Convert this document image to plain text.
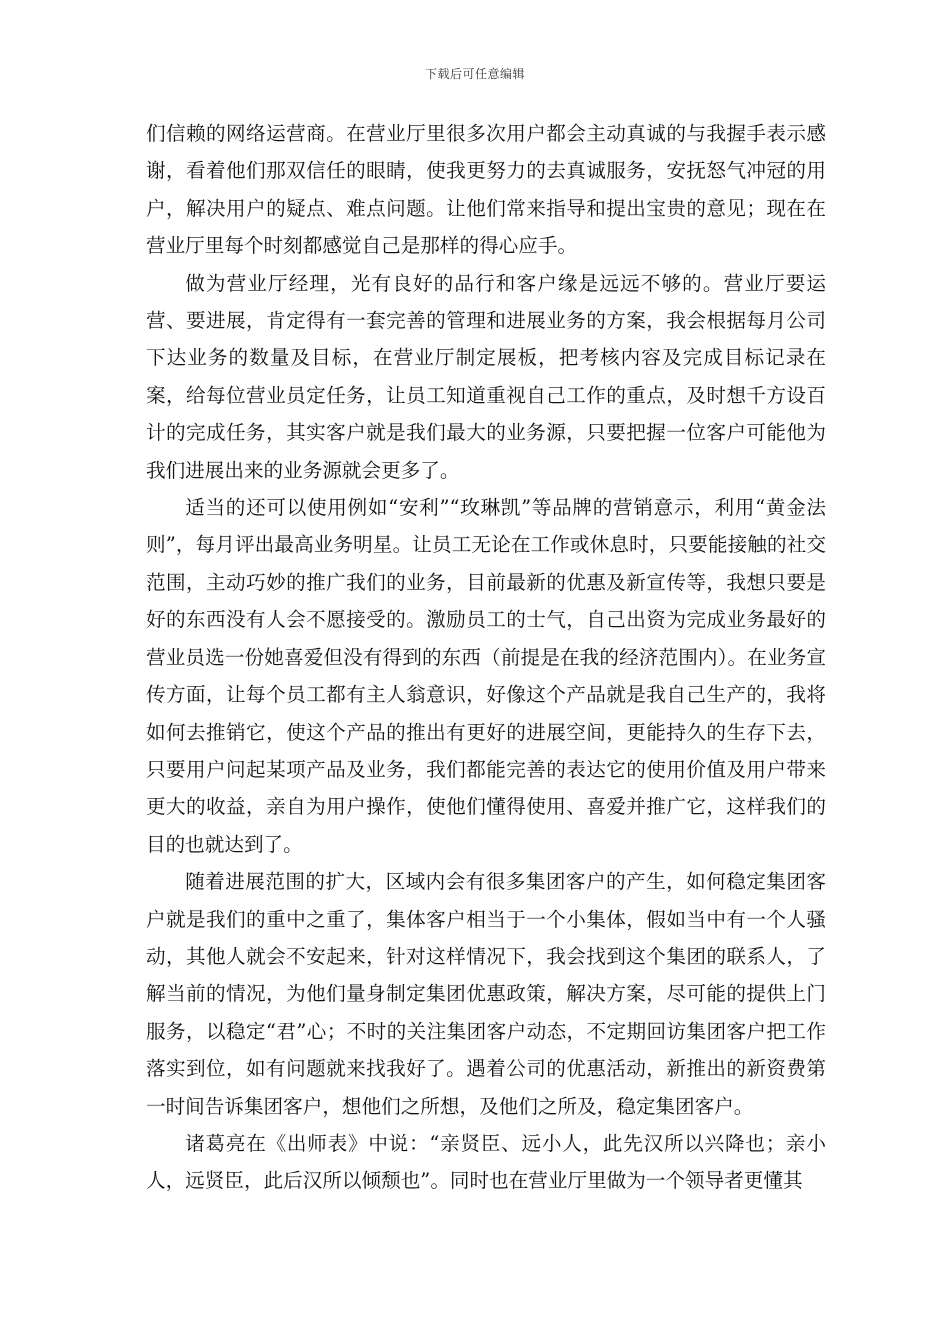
下载后可任意编辑

们信赖的网络运营商。在营业厅里很多次用户都会主动真诚的与我握手表示感谢，看着他们那双信任的眼睛，使我更努力的去真诚服务，安抚怒气冲冠的用户，解决用户的疑点、难点问题。让他们常来指导和提出宝贵的意见；现在在营业厅里每个时刻都感觉自己是那样的得心应手。

做为营业厅经理，光有良好的品行和客户缘是远远不够的。营业厅要运营、要进展，肯定得有一套完善的管理和进展业务的方案，我会根据每月公司下达业务的数量及目标，在营业厅制定展板，把考核内容及完成目标记录在案，给每位营业员定任务，让员工知道重视自己工作的重点，及时想千方设百计的完成任务，其实客户就是我们最大的业务源，只要把握一位客户可能他为我们进展出来的业务源就会更多了。

适当的还可以使用例如“安利”“玫琳凯”等品牌的营销意示，利用“黄金法则”，每月评出最高业务明星。让员工无论在工作或休息时，只要能接触的社交范围，主动巧妙的推广我们的业务，目前最新的优惠及新宣传等，我想只要是好的东西没有人会不愿接受的。激励员工的士气，自己出资为完成业务最好的营业员选一份她喜爱但没有得到的东西（前提是在我的经济范围内）。在业务宣传方面，让每个员工都有主人翁意识，好像这个产品就是我自己生产的，我将如何去推销它，使这个产品的推出有更好的进展空间，更能持久的生存下去，只要用户问起某项产品及业务，我们都能完善的表达它的使用价值及用户带来更大的收益，亲自为用户操作，使他们懂得使用、喜爱并推广它，这样我们的目的也就达到了。

随着进展范围的扩大，区域内会有很多集团客户的产生，如何稳定集团客户就是我们的重中之重了，集体客户相当于一个小集体，假如当中有一个人骚动，其他人就会不安起来，针对这样情况下，我会找到这个集团的联系人，了解当前的情况，为他们量身制定集团优惠政策，解决方案，尽可能的提供上门服务，以稳定“君”心；不时的关注集团客户动态，不定期回访集团客户把工作落实到位，如有问题就来找我好了。遇着公司的优惠活动，新推出的新资费第一时间告诉集团客户，想他们之所想，及他们之所及，稳定集团客户。

诸葛亮在《出师表》中说：“亲贤臣、远小人，此先汉所以兴降也；亲小人，远贤臣，此后汉所以倾颓也”。同时也在营业厅里做为一个领导者更懂其
